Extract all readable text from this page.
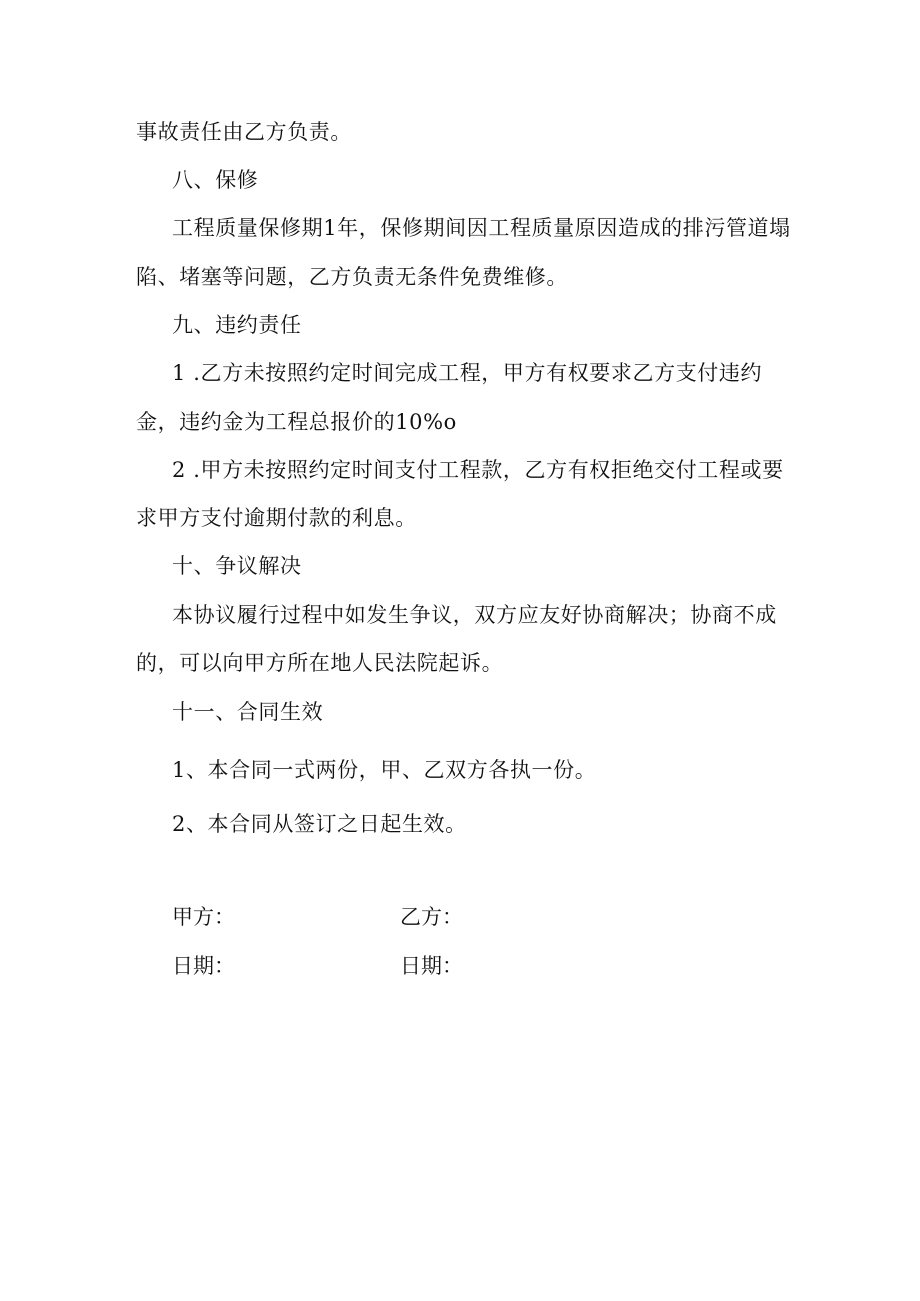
事故责任由乙方负责。
八、保修
工程质量保修期1年，保修期间因工程质量原因造成的排污管道塌
陷、堵塞等问题，乙方负责无条件免费维修。
九、违约责任
1 .乙方未按照约定时间完成工程，甲方有权要求乙方支付违约
金，违约金为工程总报价的10%o
2 .甲方未按照约定时间支付工程款，乙方有权拒绝交付工程或要
求甲方支付逾期付款的利息。
十、争议解决
本协议履行过程中如发生争议，双方应友好协商解决；协商不成
的，可以向甲方所在地人民法院起诉。
十一、合同生效
1、本合同一式两份，甲、乙双方各执一份。
2、本合同从签订之日起生效。
甲方：	乙方：
日期：	日期：
